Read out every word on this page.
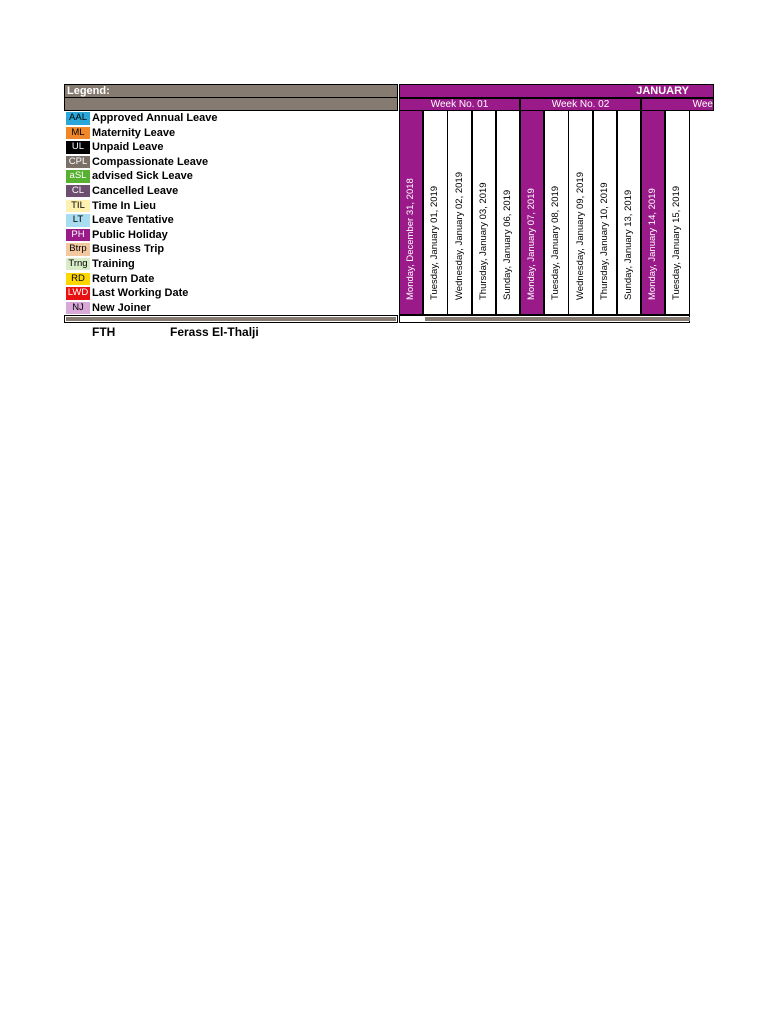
Legend:
AAL Approved Annual Leave
ML Maternity Leave
UL Unpaid Leave
CPL Compassionate Leave
aSL advised Sick Leave
CL Cancelled Leave
TIL Time In Lieu
LT Leave Tentative
PH Public Holiday
Btrp Business Trip
Trng Training
RD Return Date
LWD Last Working Date
NJ New Joiner
JANUARY
Week No. 01	Week No. 02	Wee
Monday, December 31, 2018 Tuesday, January 01, 2019 Wednesday, January 02, 2019 Thursday, January 03, 2019 Sunday, January 06, 2019 Monday, January 07, 2019 Tuesday, January 08, 2019 Wednesday, January 09, 2019 Thursday, January 10, 2019 Sunday, January 13, 2019 Monday, January 14, 2019 Tuesday, January 15, 2019
FTH	Ferass El-Thalji
